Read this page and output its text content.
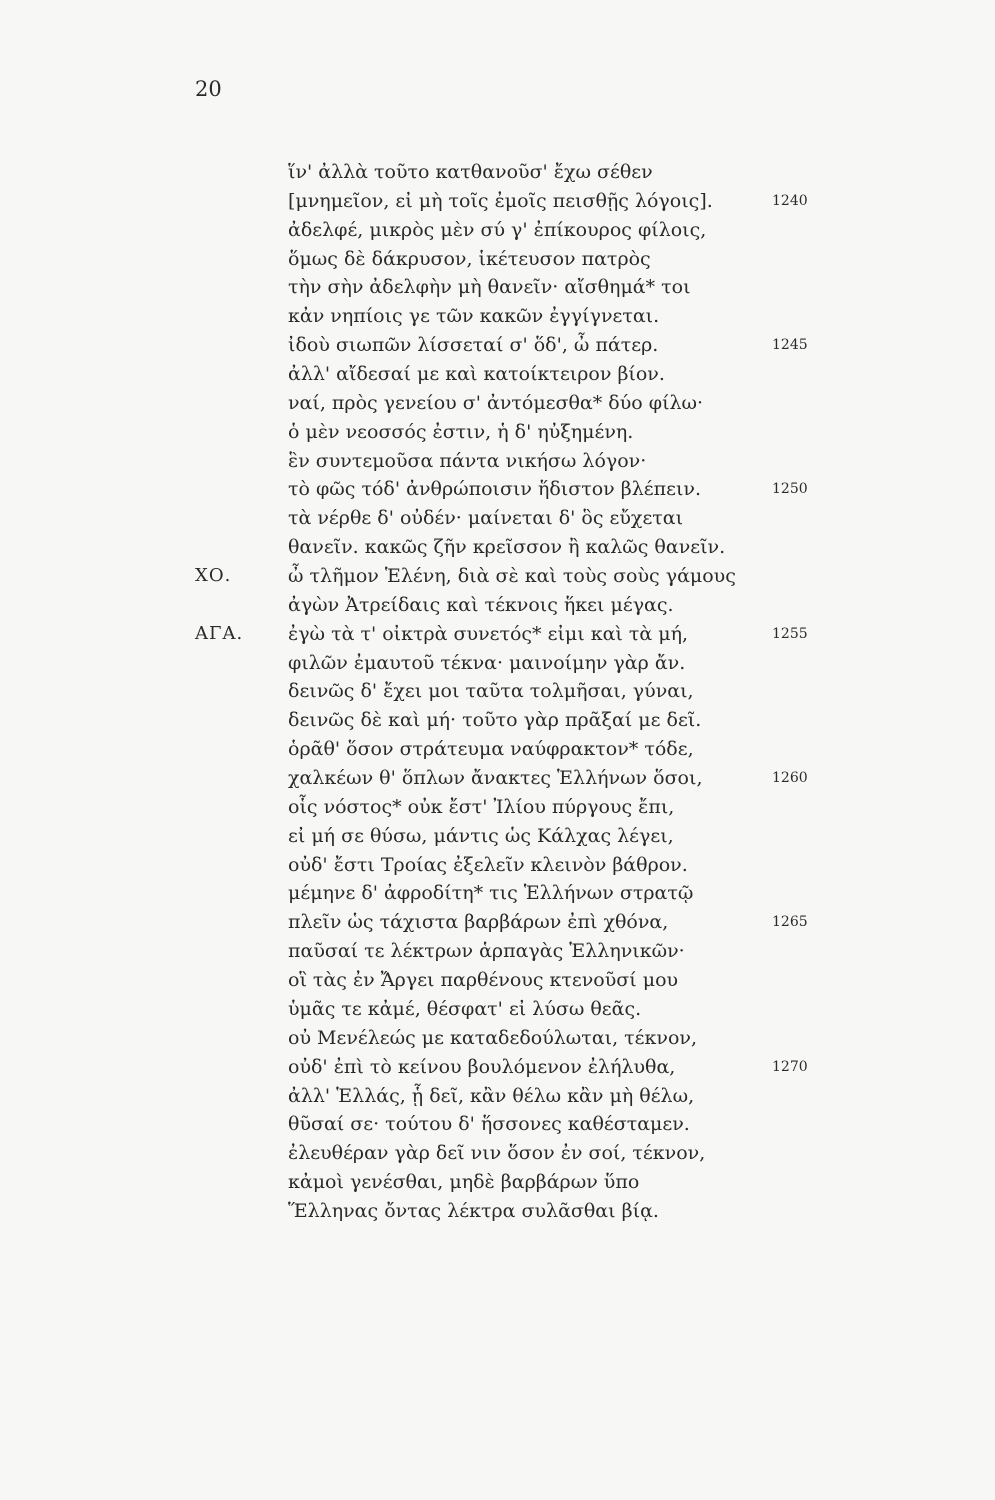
20
ἵν' ἀλλὰ τοῦτο κατθανοῦσ' ἔχω σέθεν
[μνημεῖον, εἰ μὴ τοῖς ἐμοῖς πεισθῇς λόγοις].	1240
ἀδελφέ, μικρὸς μὲν σύ γ' ἐπίκουρος φίλοις,
ὅμως δὲ δάκρυσον, ἱκέτευσον πατρὸς
τὴν σὴν ἀδελφὴν μὴ θανεῖν· αἴσθημά* τοι
κἀν νηπίοις γε τῶν κακῶν ἐγγίγνεται.
ἰδοὺ σιωπῶν λίσσεταί σ' ὅδ', ὦ πάτερ.	1245
ἀλλ' αἴδεσαί με καὶ κατοίκτειρον βίον.
ναί, πρὸς γενείου σ' ἀντόμεσθα* δύο φίλω·
ὁ μὲν νεοσσός ἐστιν, ἡ δ' ηὐξημένη.
ἓν συντεμοῦσα πάντα νικήσω λόγον·
τὸ φῶς τόδ' ἀνθρώποισιν ἥδιστον βλέπειν.	1250
τὰ νέρθε δ' οὐδέν· μαίνεται δ' ὃς εὔχεται
θανεῖν. κακῶς ζῆν κρεῖσσον ἢ καλῶς θανεῖν.
ΧΟ.	ὦ τλῆμον Ἑλένη, διὰ σὲ καὶ τοὺς σοὺς γάμους
ἀγὼν Ἀτρείδαις καὶ τέκνοις ἥκει μέγας.
ΑΓΑ. ἐγὼ τὰ τ' οἰκτρὰ συνετός* εἰμι καὶ τὰ μή,	1255
φιλῶν ἐμαυτοῦ τέκνα· μαινοίμην γὰρ ἄν.
δεινῶς δ' ἔχει μοι ταῦτα τολμῆσαι, γύναι,
δεινῶς δὲ καὶ μή· τοῦτο γὰρ πρᾶξαί με δεῖ.
ὁρᾶθ' ὅσον στράτευμα ναύφρακτον* τόδε,
χαλκέων θ' ὅπλων ἄνακτες Ἑλλήνων ὅσοι,	1260
οἷς νόστος* οὐκ ἔστ' Ἰλίου πύργους ἔπι,
εἰ μή σε θύσω, μάντις ὡς Κάλχας λέγει,
οὐδ' ἔστι Τροίας ἐξελεῖν κλεινὸν βάθρον.
μέμηνε δ' ἀφροδίτη* τις Ἑλλήνων στρατῷ
πλεῖν ὡς τάχιστα βαρβάρων ἐπὶ χθόνα,	1265
παῦσαί τε λέκτρων ἁρπαγὰς Ἑλληνικῶν·
οἳ τὰς ἐν Ἄργει παρθένους κτενοῦσί μου
ὑμᾶς τε κἀμέ, θέσφατ' εἰ λύσω θεᾶς.
οὐ Μενέλεώς με καταδεδούλωται, τέκνον,
οὐδ' ἐπὶ τὸ κείνου βουλόμενον ἐλήλυθα,	1270
ἀλλ' Ἑλλάς, ᾗ δεῖ, κἂν θέλω κἂν μὴ θέλω,
θῦσαί σε· τούτου δ' ἥσσονες καθέσταμεν.
ἐλευθέραν γὰρ δεῖ νιν ὅσον ἐν σοί, τέκνον,
κἀμοὶ γενέσθαι, μηδὲ βαρβάρων ὕπο
Ἕλληνας ὄντας λέκτρα συλᾶσθαι βίᾳ.
